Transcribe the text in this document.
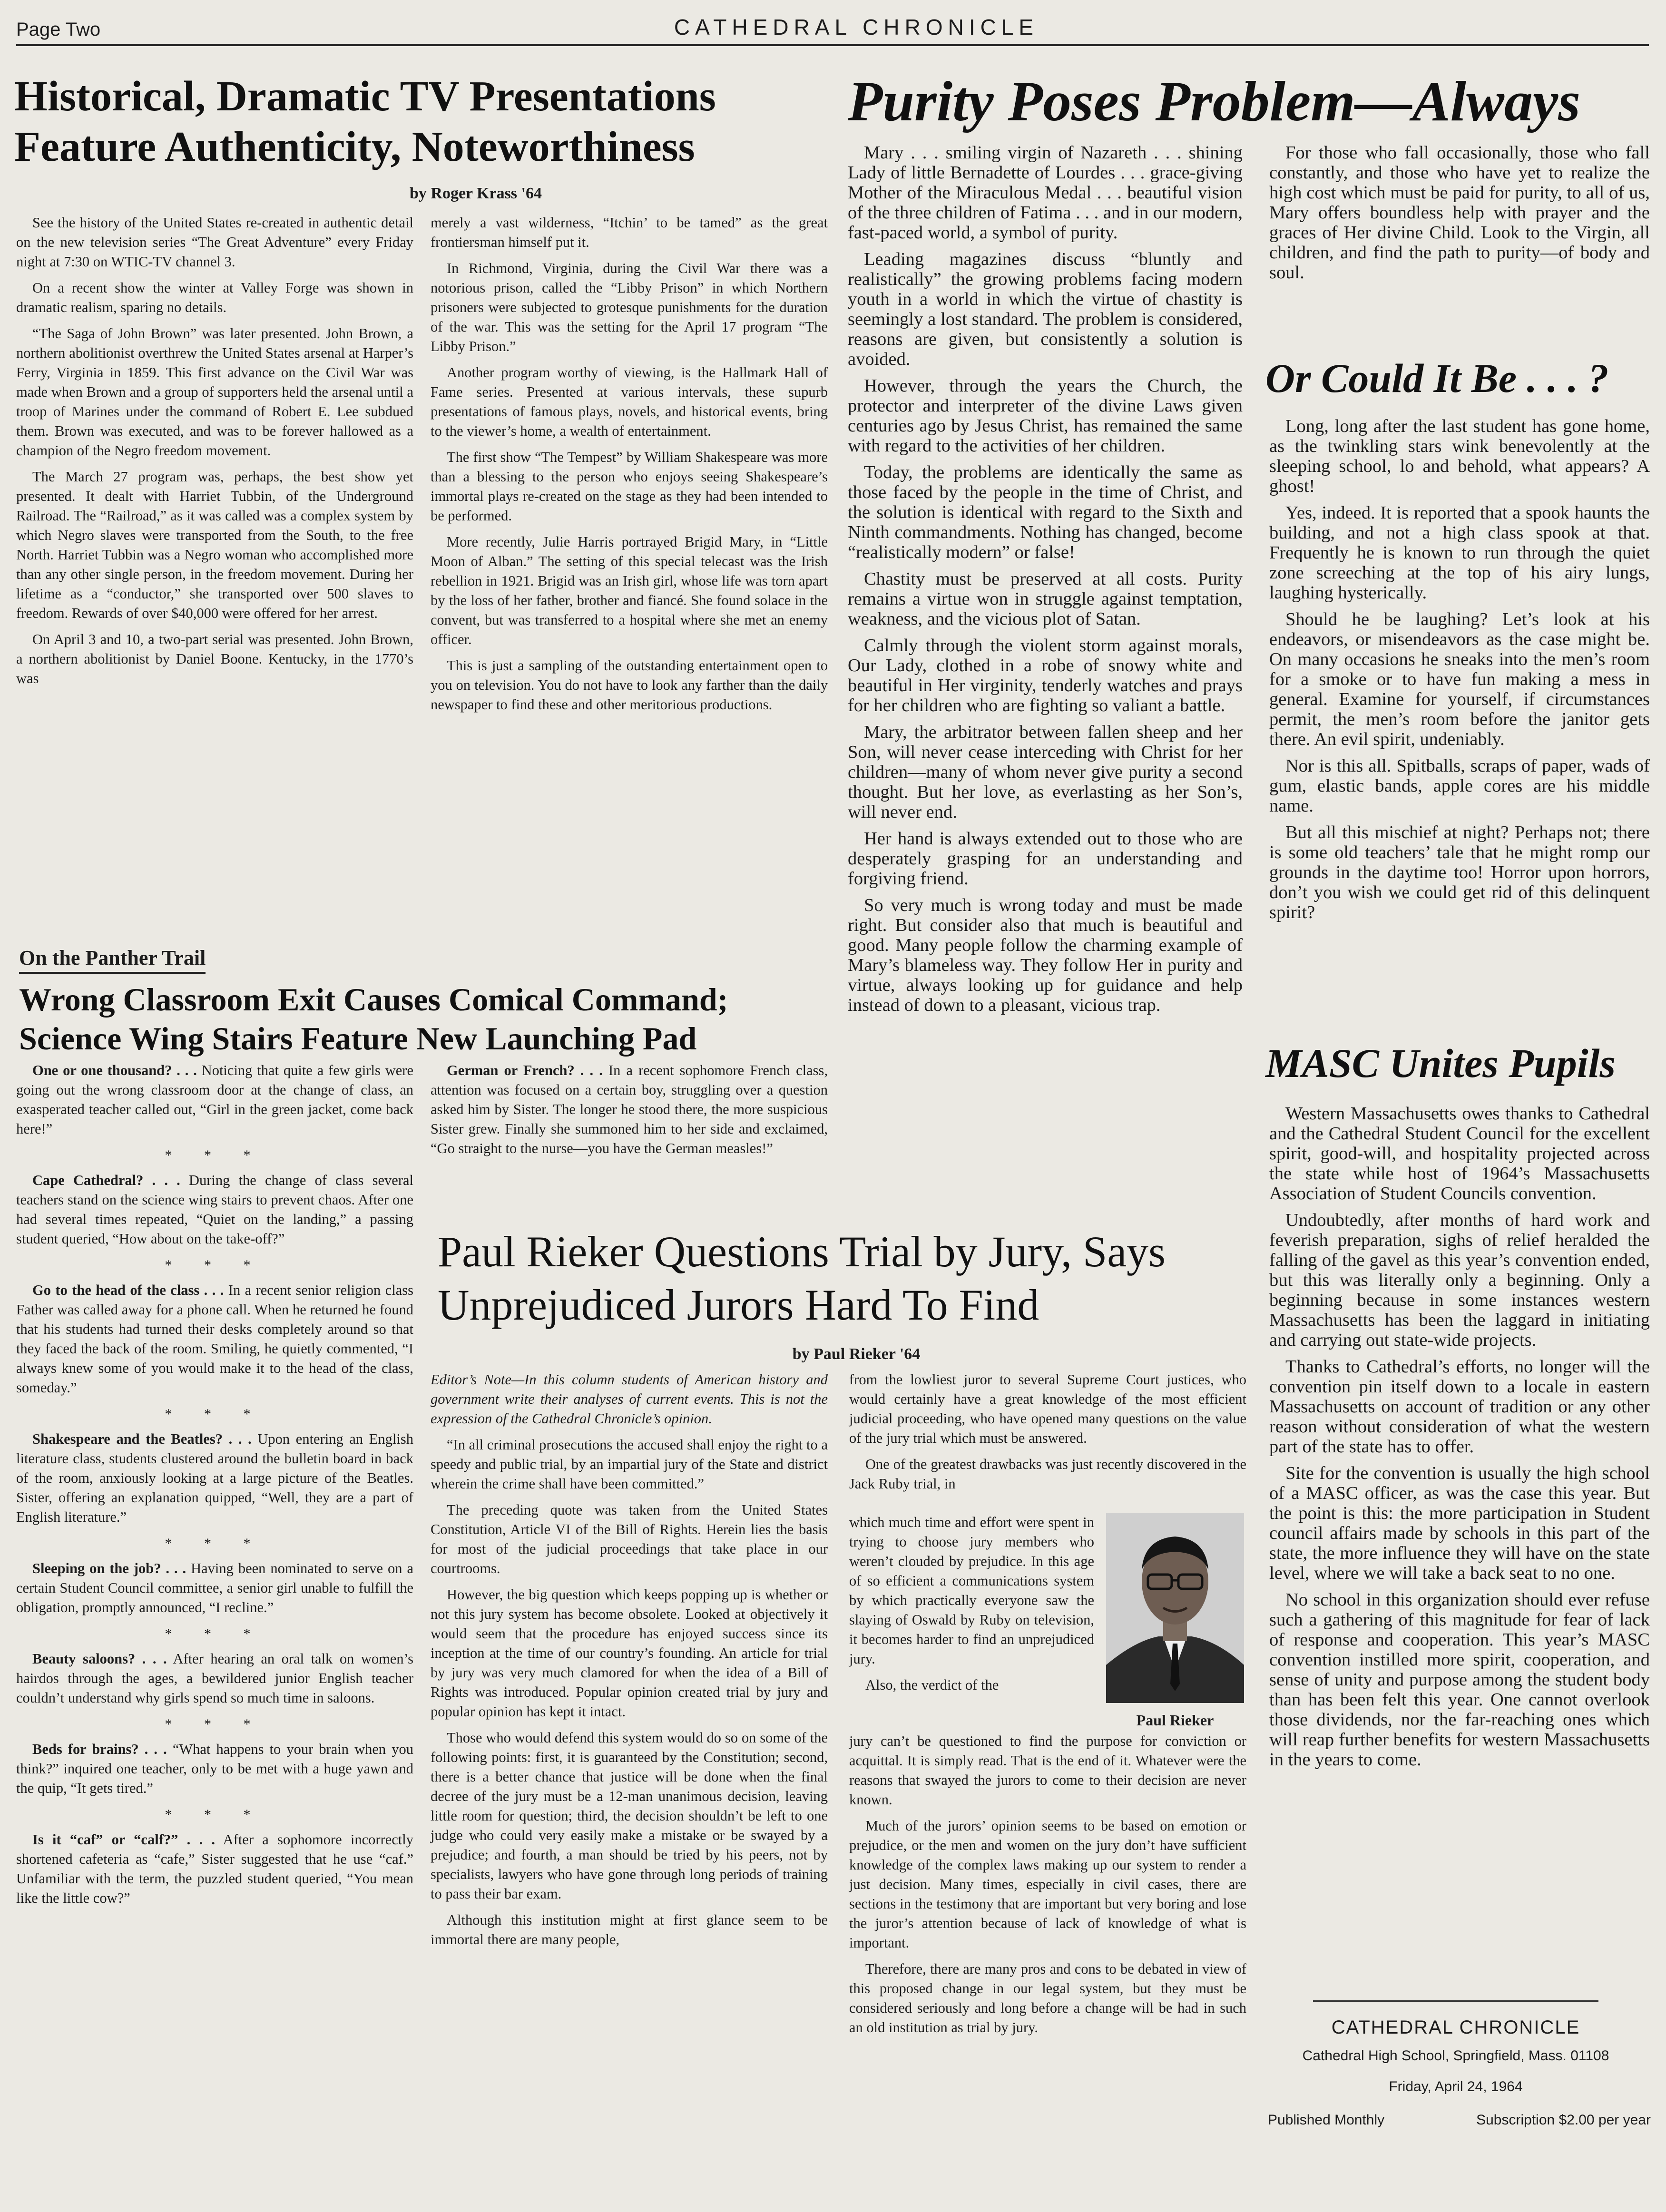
Page Two	CATHEDRAL CHRONICLE
Historical, Dramatic TV Presentations Feature Authenticity, Noteworthiness
by Roger Krass '64

See the history of the United States re-created in authentic detail on the new television series “The Great Adventure” every Friday night at 7:30 on WTIC-TV channel 3.

On a recent show the winter at Valley Forge was shown in dramatic realism, sparing no details.

“The Saga of John Brown” was later presented. John Brown, a northern abolitionist overthrew the United States arsenal at Harper’s Ferry, Virginia in 1859. This first advance on the Civil War was made when Brown and a group of supporters held the arsenal until a troop of Marines under the command of Robert E. Lee subdued them. Brown was executed, and was to be forever hallowed as a champion of the Negro freedom movement.

The March 27 program was, perhaps, the best show yet presented. It dealt with Harriet Tubbin, of the Underground Railroad. The “Railroad,” as it was called was a complex system by which Negro slaves were transported from the South, to the free North. Harriet Tubbin was a Negro woman who accomplished more than any other single person, in the freedom movement. During her lifetime as a “conductor,” she transported over 500 slaves to freedom. Rewards of over $40,000 were offered for her arrest.

On April 3 and 10, a two-part serial was presented. John Brown, a northern abolitionist by Daniel Boone. Kentucky, in the 1770’s was

merely a vast wilderness, “Itchin’ to be tamed” as the great frontiersman himself put it.

In Richmond, Virginia, during the Civil War there was a notorious prison, called the “Libby Prison” in which Northern prisoners were subjected to grotesque punishments for the duration of the war. This was the setting for the April 17 program “The Libby Prison.”

Another program worthy of viewing, is the Hallmark Hall of Fame series. Presented at various intervals, these supurb presentations of famous plays, novels, and historical events, bring to the viewer’s home, a wealth of entertainment.

The first show “The Tempest” by William Shakespeare was more than a blessing to the person who enjoys seeing Shakespeare’s immortal plays re-created on the stage as they had been intended to be performed.

More recently, Julie Harris portrayed Brigid Mary, in “Little Moon of Alban.” The setting of this special telecast was the Irish rebellion in 1921. Brigid was an Irish girl, whose life was torn apart by the loss of her father, brother and fiancé. She found solace in the convent, but was transferred to a hospital where she met an enemy officer.

This is just a sampling of the outstanding entertainment open to you on television. You do not have to look any farther than the daily newspaper to find these and other meritorious productions.

Purity Poses Problem—Always

Mary . . . smiling virgin of Nazareth . . . shining Lady of little Bernadette of Lourdes . . . grace-giving Mother of the Miraculous Medal . . . beautiful vision of the three children of Fatima . . . and in our modern, fast-paced world, a symbol of purity.

Leading magazines discuss “bluntly and realistically” the growing problems facing modern youth in a world in which the virtue of chastity is seemingly a lost standard. The problem is considered, reasons are given, but consistently a solution is avoided.

However, through the years the Church, the protector and interpreter of the divine Laws given centuries ago by Jesus Christ, has remained the same with regard to the activities of her children.

Today, the problems are identically the same as those faced by the people in the time of Christ, and the solution is identical with regard to the Sixth and Ninth commandments. Nothing has changed, become “realistically modern” or false!

Chastity must be preserved at all costs. Purity remains a virtue won in struggle against temptation, weakness, and the vicious plot of Satan.

Calmly through the violent storm against morals, Our Lady, clothed in a robe of snowy white and beautiful in Her virginity, tenderly watches and prays for her children who are fighting so valiant a battle.

Mary, the arbitrator between fallen sheep and her Son, will never cease interceding with Christ for her children—many of whom never give purity a second thought. But her love, as everlasting as her Son’s, will never end.

Her hand is always extended out to those who are desperately grasping for an understanding and forgiving friend.

So very much is wrong today and must be made right. But consider also that much is beautiful and good. Many people follow the charming example of Mary’s blameless way. They follow Her in purity and virtue, always looking up for guidance and help instead of down to a pleasant, vicious trap.

For those who fall occasionally, those who fall constantly, and those who have yet to realize the high cost which must be paid for purity, to all of us, Mary offers boundless help with prayer and the graces of Her divine Child. Look to the Virgin, all children, and find the path to purity—of body and soul.

Or Could It Be . . . ?

Long, long after the last student has gone home, as the twinkling stars wink benevolently at the sleeping school, lo and behold, what appears? A ghost!

Yes, indeed. It is reported that a spook haunts the building, and not a high class spook at that. Frequently he is known to run through the quiet zone screeching at the top of his airy lungs, laughing hysterically.

Should he be laughing? Let’s look at his endeavors, or misendeavors as the case might be. On many occasions he sneaks into the men’s room for a smoke or to have fun making a mess in general. Examine for yourself, if circumstances permit, the men’s room before the janitor gets there. An evil spirit, undeniably.

Nor is this all. Spitballs, scraps of paper, wads of gum, elastic bands, apple cores are his middle name.

But all this mischief at night? Perhaps not; there is some old teachers’ tale that he might romp our grounds in the daytime too! Horror upon horrors, don’t you wish we could get rid of this delinquent spirit?

MASC Unites Pupils

Western Massachusetts owes thanks to Cathedral and the Cathedral Student Council for the excellent spirit, good-will, and hospitality projected across the state while host of 1964’s Massachusetts Association of Student Councils convention.

Undoubtedly, after months of hard work and feverish preparation, sighs of relief heralded the falling of the gavel as this year’s convention ended, but this was literally only a beginning. Only a beginning because in some instances western Massachusetts has been the laggard in initiating and carrying out state-wide projects.

Thanks to Cathedral’s efforts, no longer will the convention pin itself down to a locale in eastern Massachusetts on account of tradition or any other reason without consideration of what the western part of the state has to offer.

Site for the convention is usually the high school of a MASC officer, as was the case this year. But the point is this: the more participation in Student council affairs made by schools in this part of the state, the more influence they will have on the state level, where we will take a back seat to no one.

No school in this organization should ever refuse such a gathering of this magnitude for fear of lack of response and cooperation. This year’s MASC convention instilled more spirit, cooperation, and sense of unity and purpose among the student body than has been felt this year. One cannot overlook those dividends, nor the far-reaching ones which will reap further benefits for western Massachusetts in the years to come.

CATHEDRAL CHRONICLE
Cathedral High School, Springfield, Mass. 01108
Friday, April 24, 1964
Published Monthly	Subscription $2.00 per year
On the Panther Trail
Wrong Classroom Exit Causes Comical Command; Science Wing Stairs Feature New Launching Pad

One or one thousand? . . . Noticing that quite a few girls were going out the wrong classroom door at the change of class, an exasperated teacher called out, “Girl in the green jacket, come back here!”

* * *

Cape Cathedral? . . . During the change of class several teachers stand on the science wing stairs to prevent chaos. After one had several times repeated, “Quiet on the landing,” a passing student queried, “How about on the take-off?”

* * *

Go to the head of the class . . . In a recent senior religion class Father was called away for a phone call. When he returned he found that his students had turned their desks completely around so that they faced the back of the room. Smiling, he quietly commented, “I always knew some of you would make it to the head of the class, someday.”

* * *

Shakespeare and the Beatles? . . . Upon entering an English literature class, students clustered around the bulletin board in back of the room, anxiously looking at a large picture of the Beatles. Sister, offering an explanation quipped, “Well, they are a part of English literature.”

* * *

Sleeping on the job? . . . Having been nominated to serve on a certain Student Council committee, a senior girl unable to fulfill the obligation, promptly announced, “I recline.”

* * *

Beauty saloons? . . . After hearing an oral talk on women’s hairdos through the ages, a bewildered junior English teacher couldn’t understand why girls spend so much time in saloons.

* * *

Beds for brains? . . . “What happens to your brain when you think?” inquired one teacher, only to be met with a huge yawn and the quip, “It gets tired.”

* * *

Is it “caf” or “calf?” . . . After a sophomore incorrectly shortened cafeteria as “cafe,” Sister suggested that he use “caf.” Unfamiliar with the term, the puzzled student queried, “You mean like the little cow?”

German or French? . . . In a recent sophomore French class, attention was focused on a certain boy, struggling over a question asked him by Sister. The longer he stood there, the more suspicious Sister grew. Finally she summoned him to her side and exclaimed, “Go straight to the nurse—you have the German measles!”

Paul Rieker Questions Trial by Jury, Says Unprejudiced Jurors Hard To Find
by Paul Rieker '64

Editor’s Note—In this column students of American history and government write their analyses of current events. This is not the expression of the Cathedral Chronicle’s opinion.

“In all criminal prosecutions the accused shall enjoy the right to a speedy and public trial, by an impartial jury of the State and district wherein the crime shall have been committed.”

The preceding quote was taken from the United States Constitution, Article VI of the Bill of Rights. Herein lies the basis for most of the judicial proceedings that take place in our courtrooms.

However, the big question which keeps popping up is whether or not this jury system has become obsolete. Looked at objectively it would seem that the procedure has enjoyed success since its inception at the time of our country’s founding. An article for trial by jury was very much clamored for when the idea of a Bill of Rights was introduced. Popular opinion created trial by jury and popular opinion has kept it intact.

Those who would defend this system would do so on some of the following points: first, it is guaranteed by the Constitution; second, there is a better chance that justice will be done when the final decree of the jury must be a 12-man unanimous decision, leaving little room for question; third, the decision shouldn’t be left to one judge who could very easily make a mistake or be swayed by a prejudice; and fourth, a man should be tried by his peers, not by specialists, lawyers who have gone through long periods of training to pass their bar exam.

Although this institution might at first glance seem to be immortal there are many people,

from the lowliest juror to several Supreme Court justices, who would certainly have a great knowledge of the most efficient judicial proceeding, who have opened many questions on the value of the jury trial which must be answered.

One of the greatest drawbacks was just recently discovered in the Jack Ruby trial, in

which much time and effort were spent in trying to choose jury members who weren’t clouded by prejudice. In this age of so efficient a communications system by which practically everyone saw the slaying of Oswald by Ruby on television, it becomes harder to find an unprejudiced jury.

Also, the verdict of the

Paul Rieker

jury can’t be questioned to find the purpose for conviction or acquittal. It is simply read. That is the end of it. Whatever were the reasons that swayed the jurors to come to their decision are never known.

Much of the jurors’ opinion seems to be based on emotion or prejudice, or the men and women on the jury don’t have sufficient knowledge of the complex laws making up our system to render a just decision. Many times, especially in civil cases, there are sections in the testimony that are important but very boring and lose the juror’s attention because of lack of knowledge of what is important.

Therefore, there are many pros and cons to be debated in view of this proposed change in our legal system, but they must be considered seriously and long before a change will be had in such an old institution as trial by jury.
